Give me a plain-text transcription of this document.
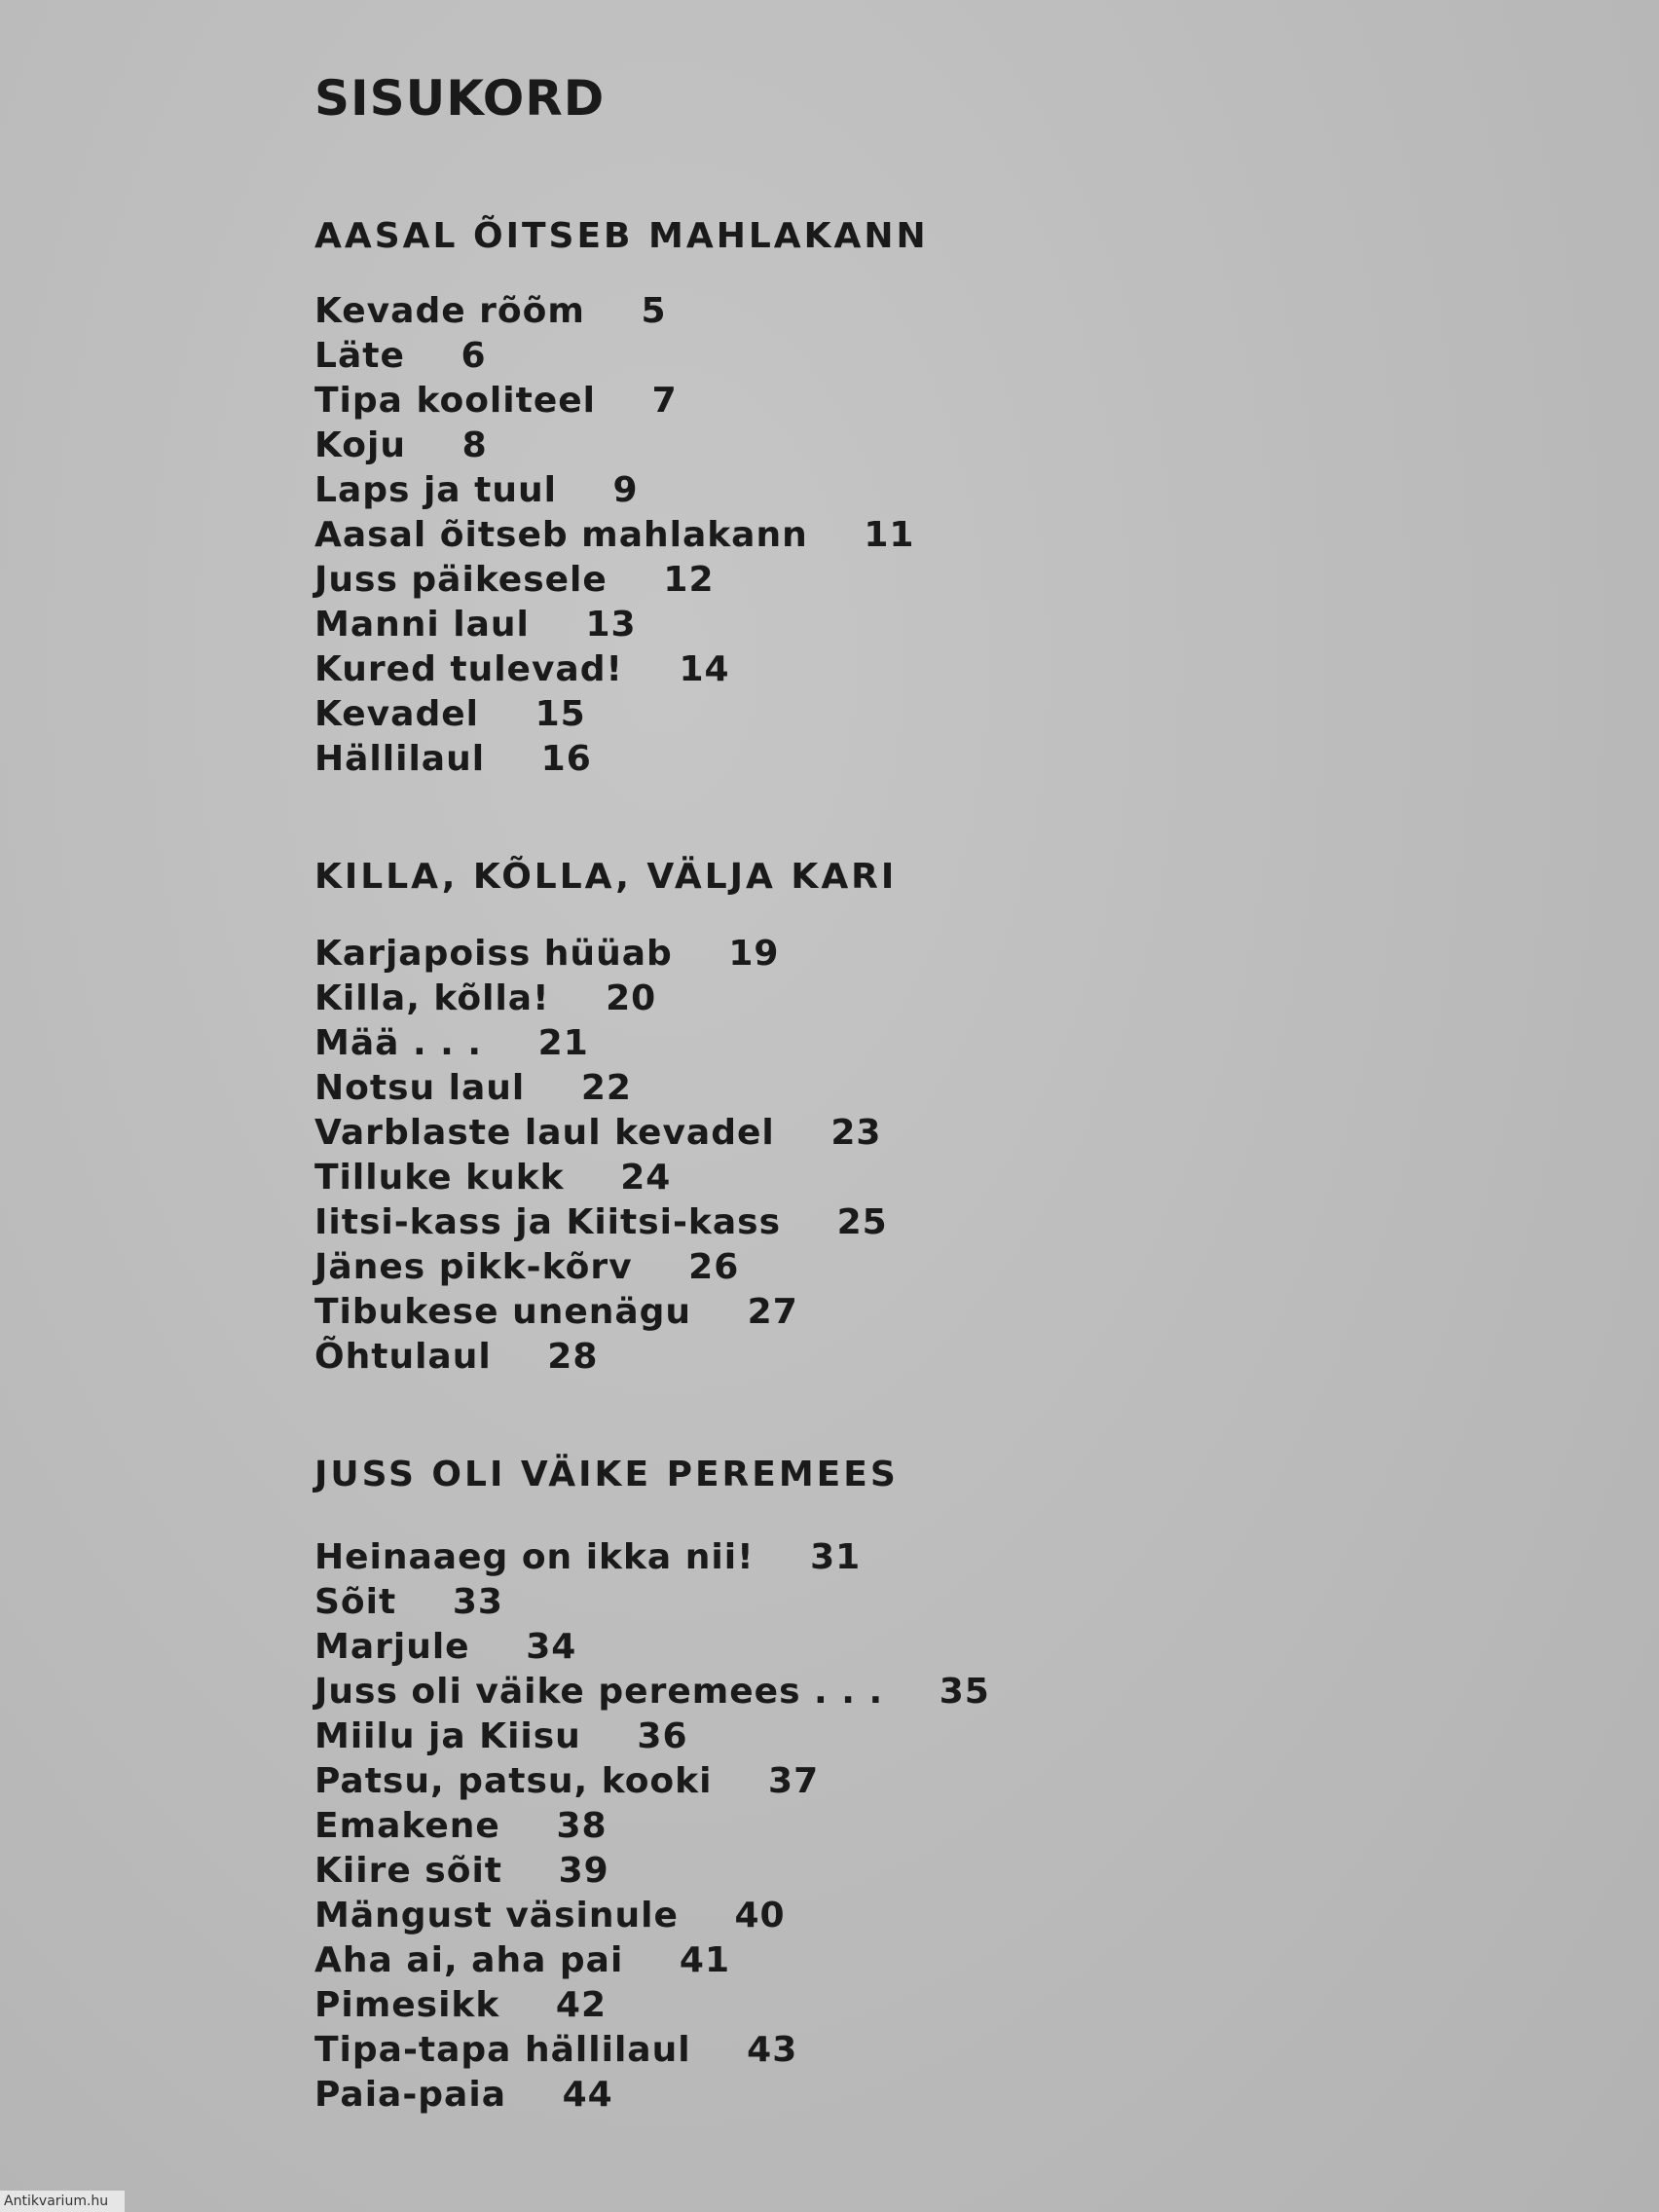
SISUKORD
AASAL ÕITSEB MAHLAKANN
Kevade rõõm 5
Läte 6
Tipa kooliteel 7
Koju 8
Laps ja tuul 9
Aasal õitseb mahlakann 11
Juss päikesele 12
Manni laul 13
Kured tulevad! 14
Kevadel 15
Hällilaul 16
KILLA, KÕLLA, VÄLJA KARI
Karjapoiss hüüab 19
Killa, kõlla! 20
Mää . . . 21
Notsu laul 22
Varblaste laul kevadel 23
Tilluke kukk 24
Iitsi-kass ja Kiitsi-kass 25
Jänes pikk-kõrv 26
Tibukese unenägu 27
Õhtulaul 28
JUSS OLI VÄIKE PEREMEES
Heinaaeg on ikka nii! 31
Sõit 33
Marjule 34
Juss oli väike peremees . . . 35
Miilu ja Kiisu 36
Patsu, patsu, kooki 37
Emakene 38
Kiire sõit 39
Mängust väsinule 40
Aha ai, aha pai 41
Pimesikk 42
Tipa-tapa hällilaul 43
Paia-paia 44
Antikvarium.hu
